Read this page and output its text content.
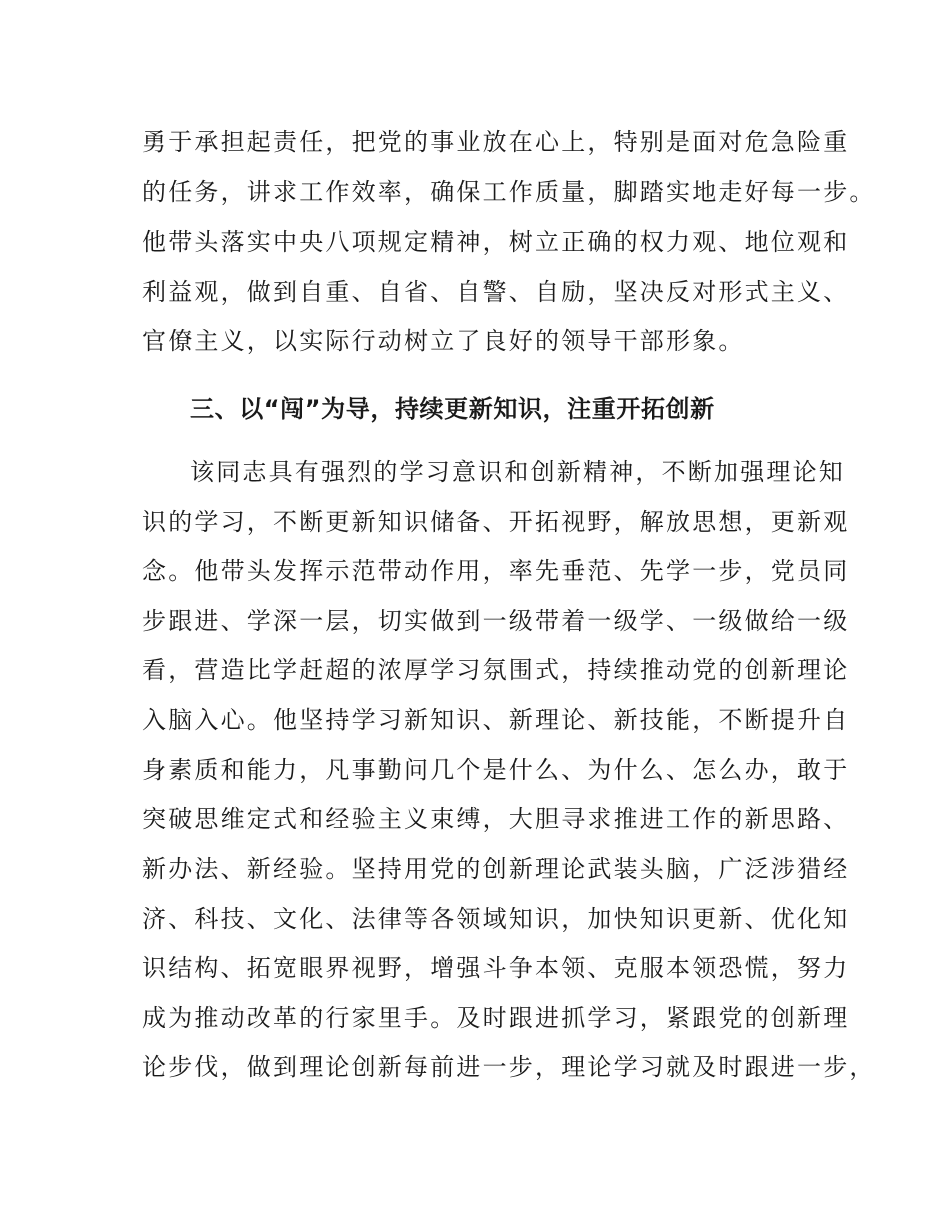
勇于承担起责任，把党的事业放在心上，特别是面对危急险重
的任务，讲求工作效率，确保工作质量，脚踏实地走好每一步。
他带头落实中央八项规定精神，树立正确的权力观、地位观和
利益观，做到自重、自省、自警、自励，坚决反对形式主义、
官僚主义，以实际行动树立了良好的领导干部形象。
三、以“闯”为导，持续更新知识，注重开拓创新
该同志具有强烈的学习意识和创新精神，不断加强理论知
识的学习，不断更新知识储备、开拓视野，解放思想，更新观
念。他带头发挥示范带动作用，率先垂范、先学一步，党员同
步跟进、学深一层，切实做到一级带着一级学、一级做给一级
看，营造比学赶超的浓厚学习氛围式，持续推动党的创新理论
入脑入心。他坚持学习新知识、新理论、新技能，不断提升自
身素质和能力，凡事勤问几个是什么、为什么、怎么办，敢于
突破思维定式和经验主义束缚，大胆寻求推进工作的新思路、
新办法、新经验。坚持用党的创新理论武装头脑，广泛涉猎经
济、科技、文化、法律等各领域知识，加快知识更新、优化知
识结构、拓宽眼界视野，增强斗争本领、克服本领恐慌，努力
成为推动改革的行家里手。及时跟进抓学习，紧跟党的创新理
论步伐，做到理论创新每前进一步，理论学习就及时跟进一步，
